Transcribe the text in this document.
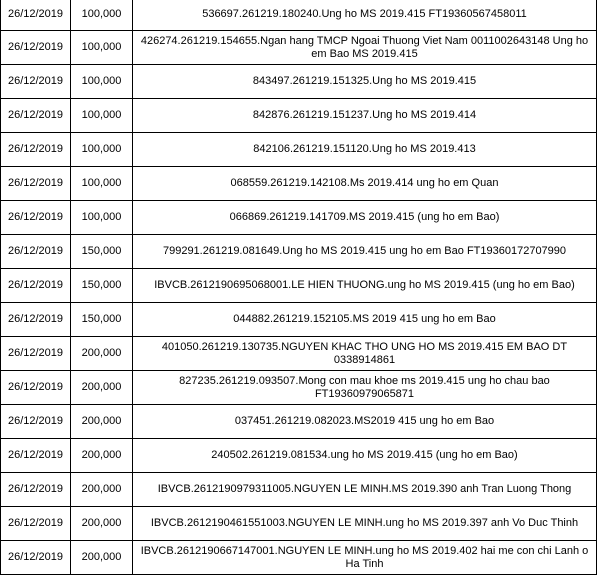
26/12/2019	100,000	536697.261219.180240.Ung ho MS 2019.415 FT19360567458011
26/12/2019	100,000	426274.261219.154655.Ngan hang TMCP Ngoai Thuong Viet Nam 0011002643148 Ung ho em Bao MS 2019.415
26/12/2019	100,000	843497.261219.151325.Ung ho MS 2019.415
26/12/2019	100,000	842876.261219.151237.Ung ho MS 2019.414
26/12/2019	100,000	842106.261219.151120.Ung ho MS 2019.413
26/12/2019	100,000	068559.261219.142108.Ms 2019.414 ung ho em Quan
26/12/2019	100,000	066869.261219.141709.MS 2019.415 (ung ho em Bao)
26/12/2019	150,000	799291.261219.081649.Ung ho MS 2019.415 ung ho em Bao FT19360172707990
26/12/2019	150,000	IBVCB.2612190695068001.LE HIEN THUONG.ung ho MS 2019.415 (ung ho em Bao)
26/12/2019	150,000	044882.261219.152105.MS 2019 415 ung ho em Bao
26/12/2019	200,000	401050.261219.130735.NGUYEN KHAC THO UNG HO MS 2019.415 EM BAO DT 0338914861
26/12/2019	200,000	827235.261219.093507.Mong con mau khoe ms 2019.415 ung ho chau bao FT19360979065871
26/12/2019	200,000	037451.261219.082023.MS2019 415 ung ho em Bao
26/12/2019	200,000	240502.261219.081534.ung ho MS 2019.415 (ung ho em Bao)
26/12/2019	200,000	IBVCB.2612190979311005.NGUYEN LE MINH.MS 2019.390 anh Tran Luong Thong
26/12/2019	200,000	IBVCB.2612190461551003.NGUYEN LE MINH.ung ho MS 2019.397 anh Vo Duc Thinh
26/12/2019	200,000	IBVCB.2612190667147001.NGUYEN LE MINH.ung ho MS 2019.402 hai me con chi Lanh o Ha Tinh
